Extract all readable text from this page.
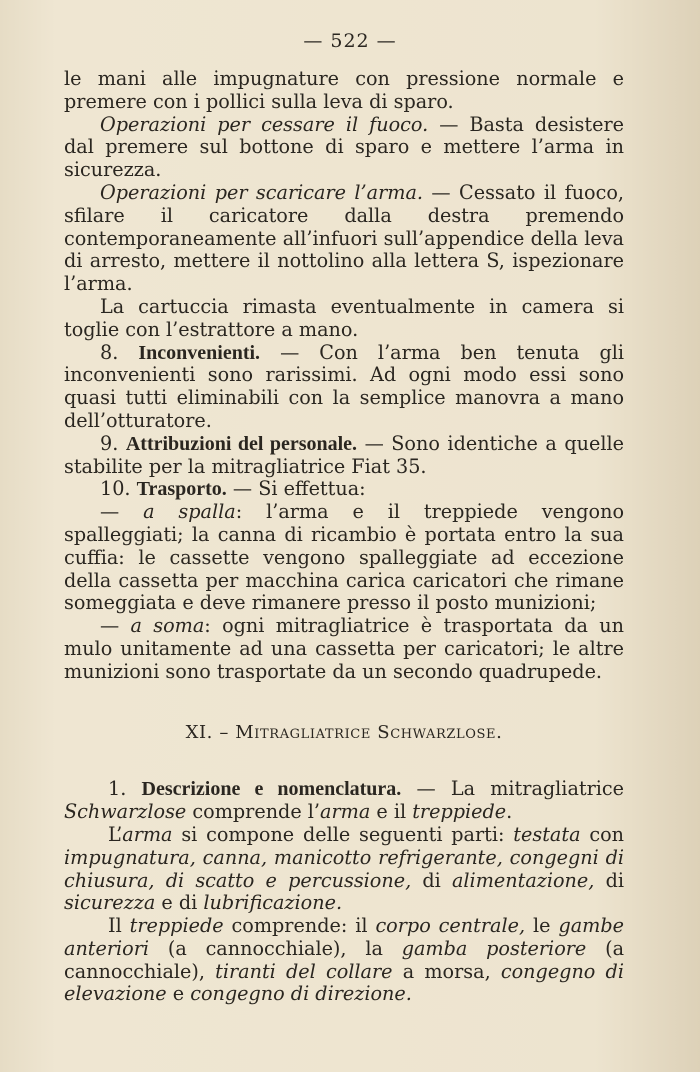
— 522 —

le mani alle impugnature con pressione normale e premere con i pollici sulla leva di sparo.

Operazioni per cessare il fuoco. — Basta desistere dal premere sul bottone di sparo e mettere l’arma in sicurezza.

Operazioni per scaricare l’arma. — Cessato il fuoco, sfilare il caricatore dalla destra premendo contemporaneamente all’infuori sull’appendice della leva di arresto, mettere il nottolino alla lettera S, ispezionare l’arma.

La cartuccia rimasta eventualmente in camera si toglie con l’estrattore a mano.

8. Inconvenienti. — Con l’arma ben tenuta gli inconvenienti sono rarissimi. Ad ogni modo essi sono quasi tutti eliminabili con la semplice manovra a mano dell’otturatore.

9. Attribuzioni del personale. — Sono identiche a quelle stabilite per la mitragliatrice Fiat 35.

10. Trasporto. — Si effettua:

— a spalla: l’arma e il treppiede vengono spalleggiati; la canna di ricambio è portata entro la sua cuffia: le cassette vengono spalleggiate ad eccezione della cassetta per macchina carica caricatori che rimane someggiata e deve rimanere presso il posto munizioni;

— a soma: ogni mitragliatrice è trasportata da un mulo unitamente ad una cassetta per caricatori; le altre munizioni sono trasportate da un secondo quadrupede.

XI. – Mitragliatrice Schwarzlose.

1. Descrizione e nomenclatura. — La mitragliatrice Schwarzlose comprende l’arma e il treppiede.

L’arma si compone delle seguenti parti: testata con impugnatura, canna, manicotto refrigerante, congegni di chiusura, di scatto e percussione, di alimentazione, di sicurezza e di lubrificazione.

Il treppiede comprende: il corpo centrale, le gambe anteriori (a cannocchiale), la gamba posteriore (a cannocchiale), tiranti del collare a morsa, congegno di elevazione e congegno di direzione.
